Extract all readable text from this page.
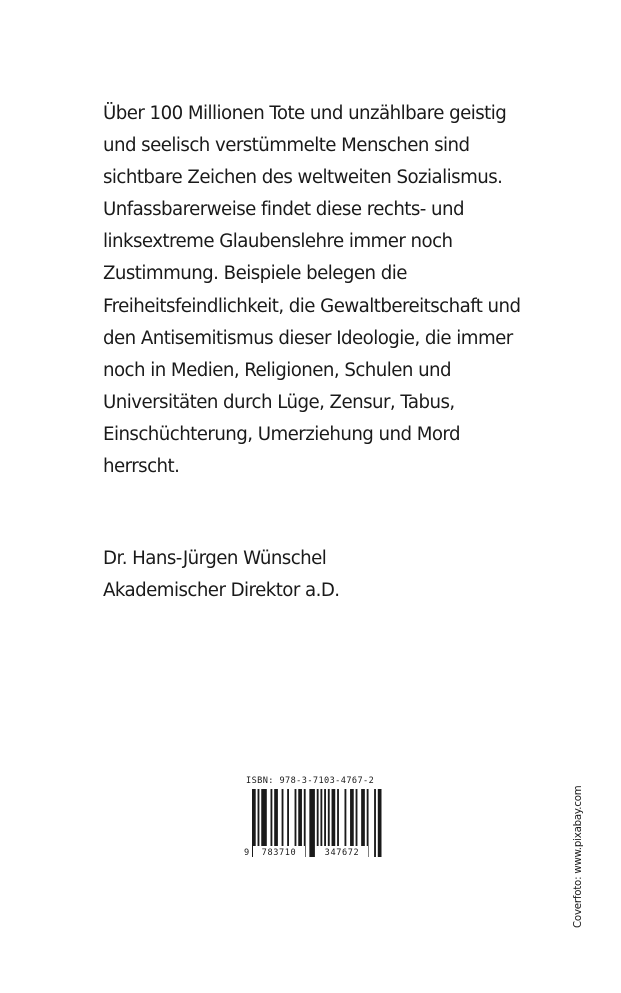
Über 100 Millionen Tote und unzählbare geistig

und seelisch verstümmelte Menschen sind

sichtbare Zeichen des weltweiten Sozialismus.

Unfassbarerweise findet diese rechts- und

linksextreme Glaubenslehre immer noch

Zustimmung. Beispiele belegen die

Freiheitsfeindlichkeit, die Gewaltbereitschaft und

den Antisemitismus dieser Ideologie, die immer

noch in Medien, Religionen, Schulen und

Universitäten durch Lüge, Zensur, Tabus,

Einschüchterung, Umerziehung und Mord

herrscht.

Dr. Hans-Jürgen Wünschel

Akademischer Direktor a.D.

ISBN: 978-3-7103-4767-2
9 783710	347672	Coverfoto: www.pixabay.com
